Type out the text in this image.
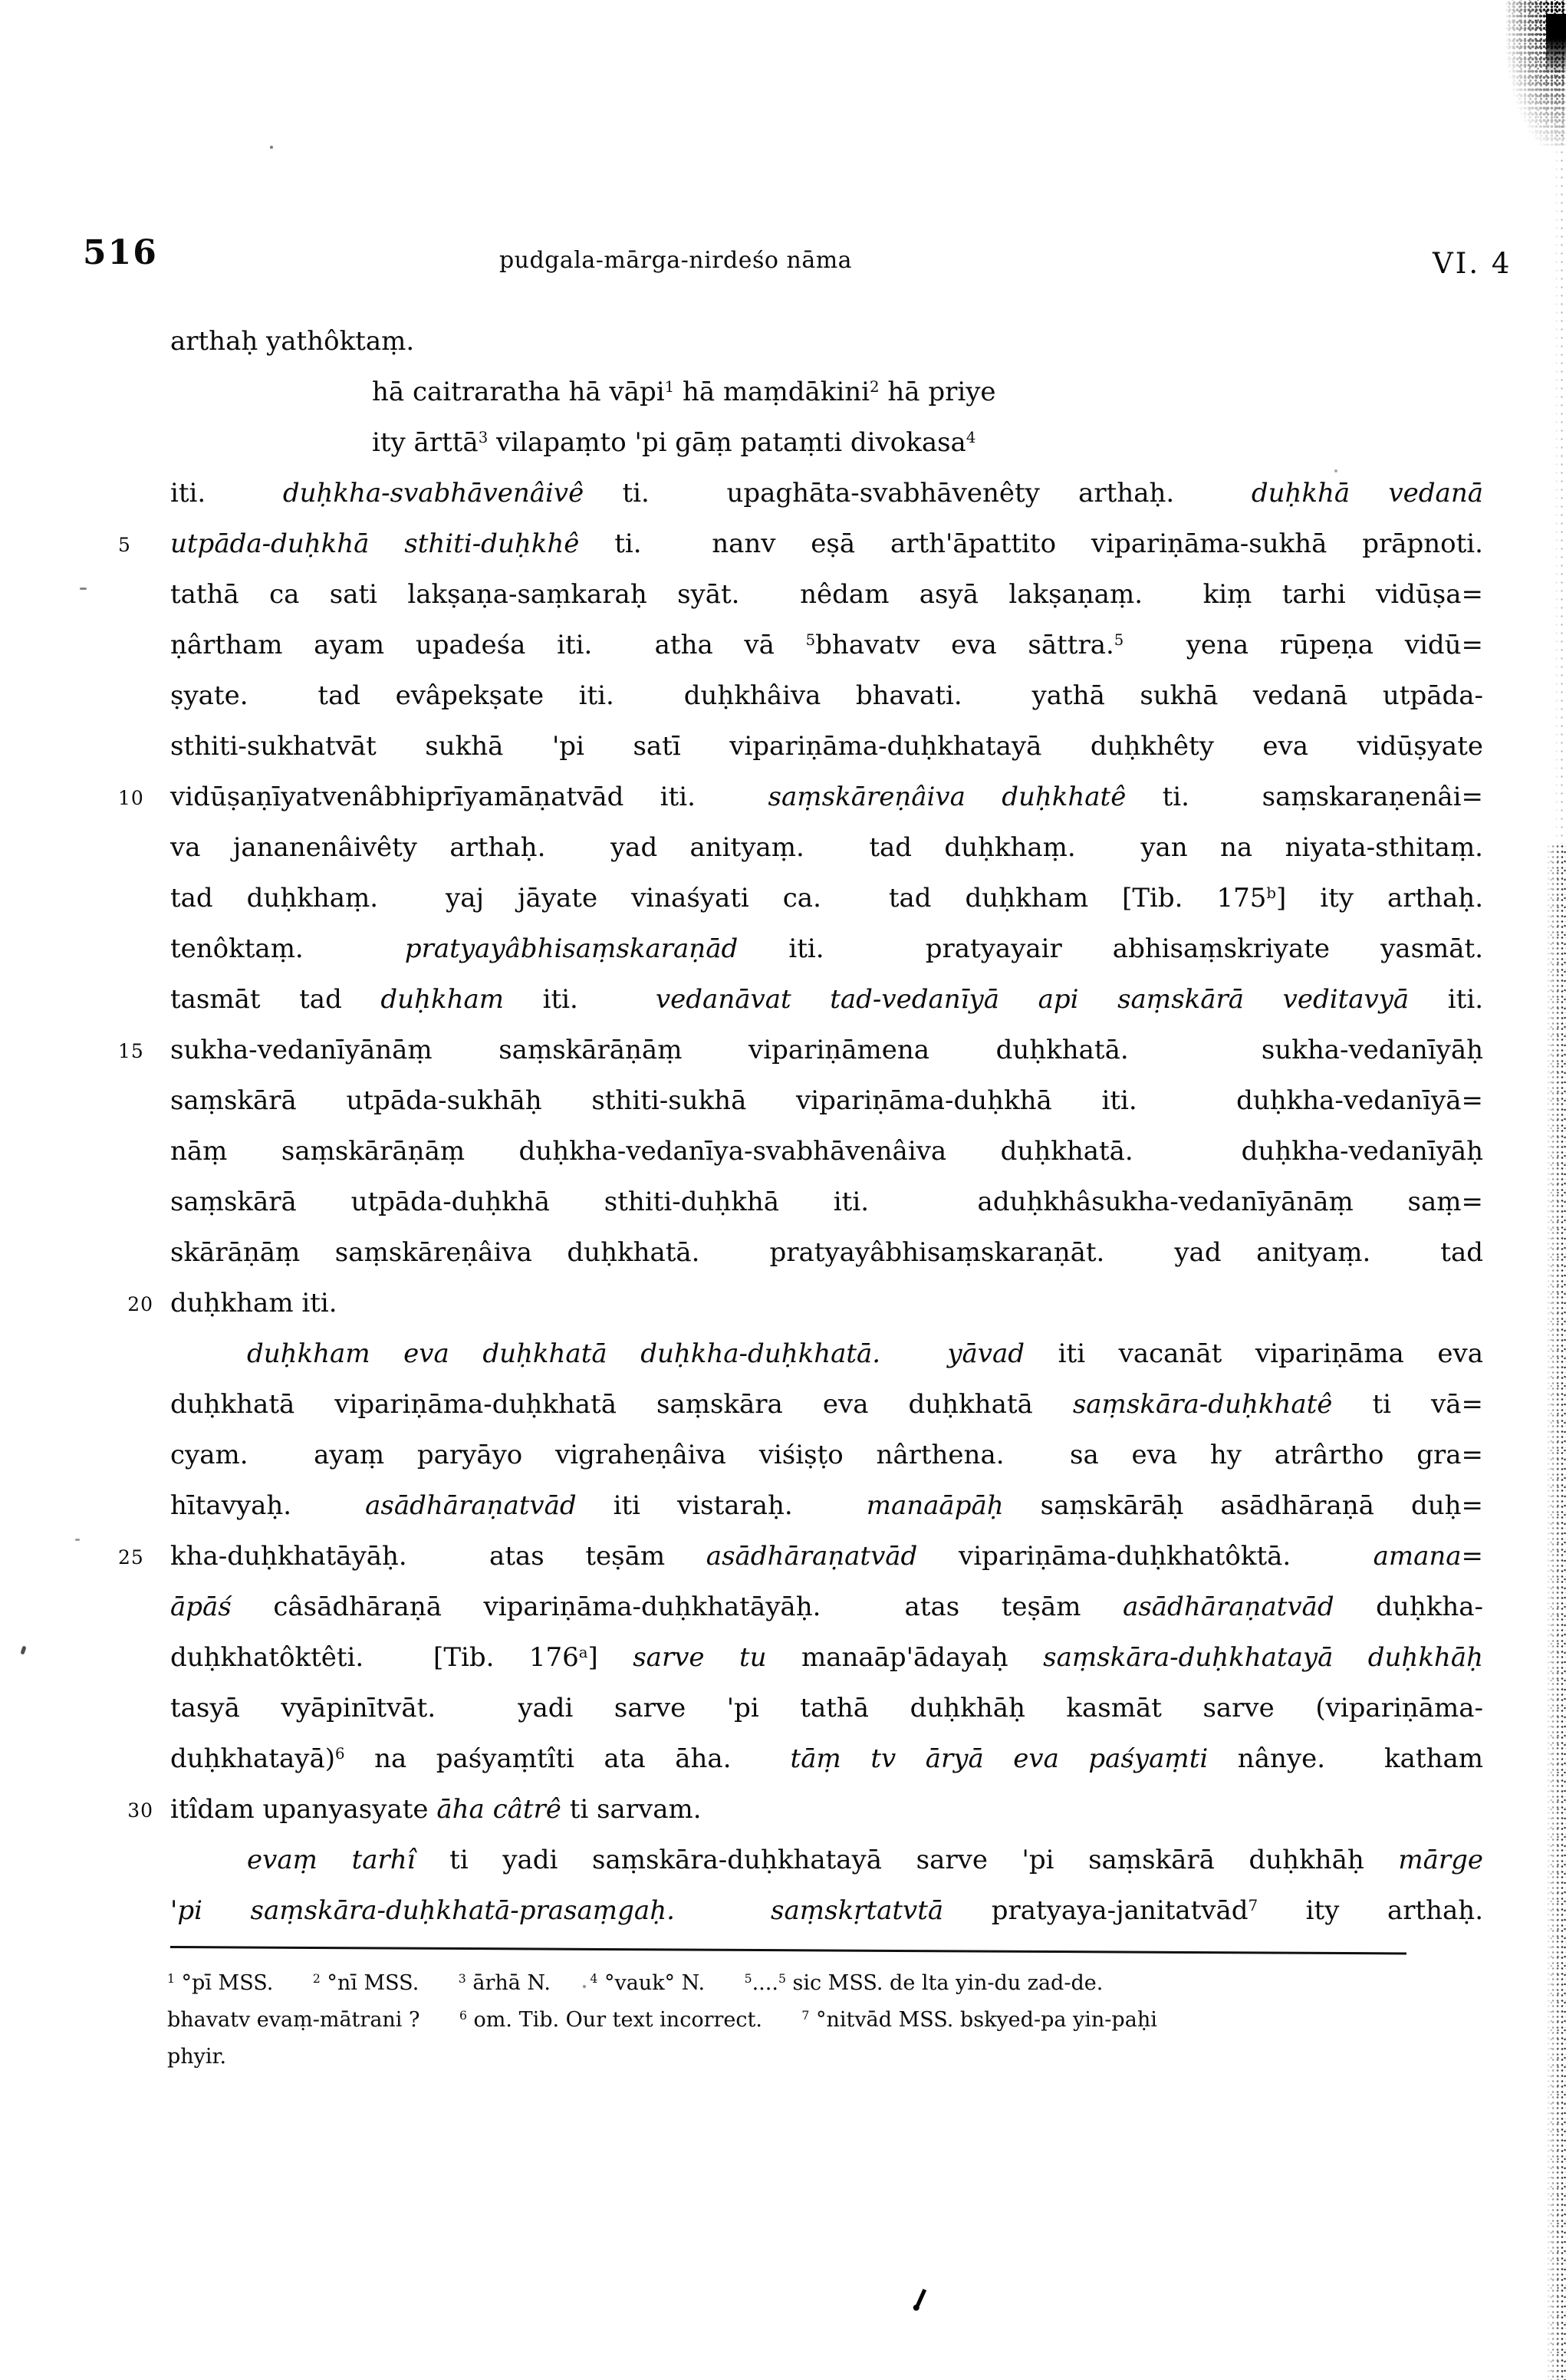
516	pudgala-mārga-nirdeśo nāma	VI. 4
arthaḥ yathôktaṃ.
hā caitraratha hā vāpi$^1$ hā maṃdākini$^2$ hā priye
ity ārttā$^3$ vilapaṃto 'pi gāṃ pataṃti divokasa$^4$
iti.  duḥkha-svabhāvenâivê ti.  upaghāta-svabhāvenêty arthaḥ.  duḥkhā vedanā
5	utpāda-duḥkhā sthiti-duḥkhê ti.  nanv eṣā arth'āpattito vipariṇāma-sukhā prāpnoti.
tathā ca sati lakṣaṇa-saṃkaraḥ syāt.  nêdam asyā lakṣaṇaṃ.  kiṃ tarhi vidūṣa=
ṇârtham ayam upadeśa iti.  atha vā $^5$bhavatv eva sāttra.$^5$  yena rūpeṇa vidū=
ṣyate.  tad evâpekṣate iti.  duḥkhâiva bhavati.  yathā sukhā vedanā utpāda-
sthiti-sukhatvāt sukhā 'pi satī vipariṇāma-duḥkhatayā duḥkhêty eva vidūṣyate
10	vidūṣaṇīyatvenâbhiprīyamāṇatvād iti.  saṃskāreṇâiva duḥkhatê ti.  saṃskaraṇenâi=
va jananenâivêty arthaḥ.  yad anityaṃ.  tad duḥkhaṃ.  yan na niyata-sthitaṃ.
tad duḥkhaṃ.  yaj jāyate vinaśyati ca.  tad duḥkham [Tib. 175$^b$] ity arthaḥ.
tenôktaṃ.  pratyayâbhisaṃskaraṇād iti.  pratyayair abhisaṃskriyate yasmāt.
tasmāt tad duḥkham iti.  vedanāvat tad-vedanīyā api saṃskārā veditavyā iti.
15	sukha-vedanīyānāṃ saṃskārāṇāṃ vipariṇāmena duḥkhatā.  sukha-vedanīyāḥ
saṃskārā utpāda-sukhāḥ sthiti-sukhā vipariṇāma-duḥkhā iti.  duḥkha-vedanīyā=
nāṃ saṃskārāṇāṃ duḥkha-vedanīya-svabhāvenâiva duḥkhatā.  duḥkha-vedanīyāḥ
saṃskārā utpāda-duḥkhā sthiti-duḥkhā iti.  aduḥkhâsukha-vedanīyānāṃ saṃ=
skārāṇāṃ saṃskāreṇâiva duḥkhatā.  pratyayâbhisaṃskaraṇāt.  yad anityaṃ.  tad
20 duḥkham iti.
duḥkham eva duḥkhatā duḥkha-duḥkhatā.	yāvad iti vacanāt vipariṇāma eva
duḥkhatā vipariṇāma-duḥkhatā saṃskāra eva duḥkhatā saṃskāra-duḥkhatê ti vā=
cyam.  ayaṃ paryāyo vigraheṇâiva viśiṣṭo nârthena.  sa eva hy atrârtho gra=
hītavyaḥ.  asādhāraṇatvād iti vistaraḥ.  manaāpāḥ saṃskārāḥ asādhāraṇā duḥ=
25	kha-duḥkhatāyāḥ.  atas teṣām asādhāraṇatvād vipariṇāma-duḥkhatôktā.  amana=
āpāś câsādhāraṇā vipariṇāma-duḥkhatāyāḥ.  atas teṣām asādhāraṇatvād duḥkha-
duḥkhatôktêti.  [Tib. 176$^a$] sarve tu manaāp'ādayaḥ saṃskāra-duḥkhatayā duḥkhāḥ
tasyā vyāpinītvāt.  yadi sarve 'pi tathā duḥkhāḥ kasmāt sarve (vipariṇāma-
duḥkhatayā)$^6$ na paśyaṃtîti ata āha.  tāṃ tv āryā eva paśyaṃti nânye.  katham
30 itîdam upanyasyate āha câtrê ti sarvam.
evaṃ tarhî ti yadi saṃskāra-duḥkhatayā sarve 'pi saṃskārā duḥkhāḥ mārge
'pi saṃskāra-duḥkhatā-prasaṃgaḥ.	saṃskṛtatvtā pratyaya-janitatvād$^7$ ity arthaḥ.
$^1$ °pī MSS.      $^2$ °nī MSS.      $^3$ ārhā N.      $^4$ °vauk° N.      $^5$....$^5$ sic MSS. de lta yin-du zad-de.
bhavatv evaṃ-mātrani ?      $^6$ om. Tib. Our text incorrect.      $^7$ °nitvād MSS. bskyed-pa yin-paḥi
phyir.
